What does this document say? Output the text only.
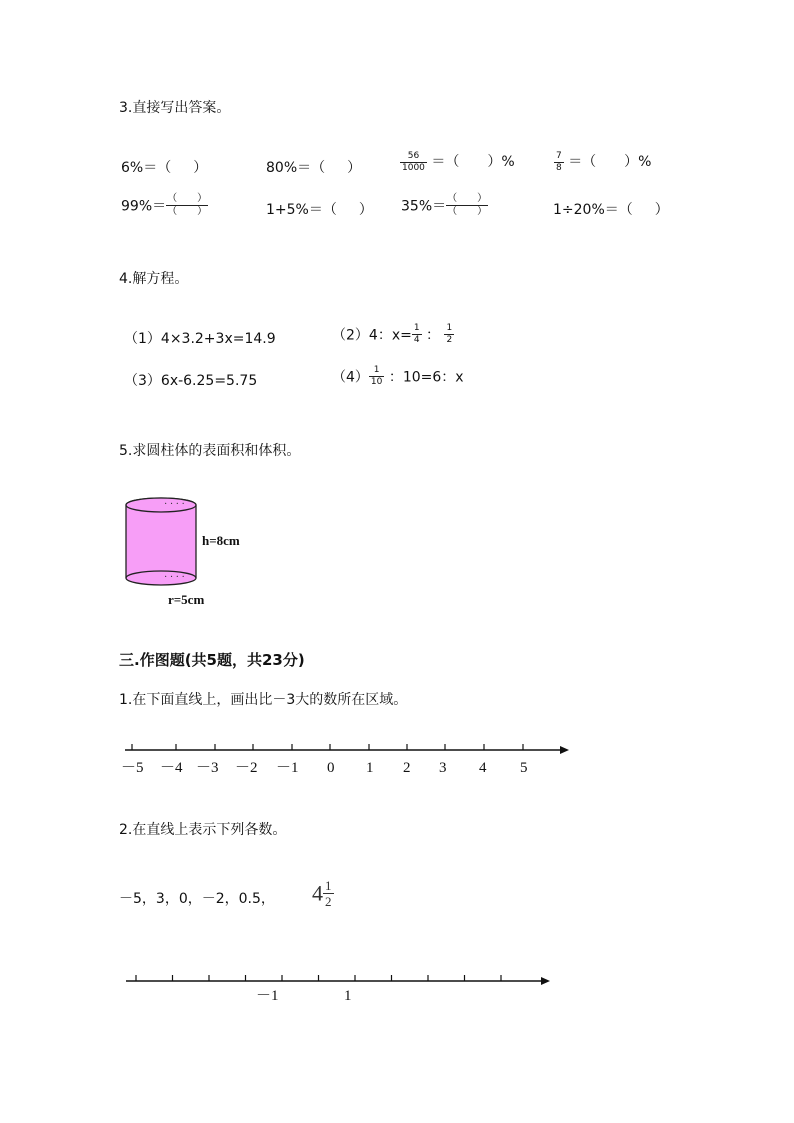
3.直接写出答案。
6%＝（ ）	80%＝（ ）	$\frac{56}{1000}$ ＝（　　）%	$\frac{7}{8}$ ＝（　　）%
$99\%= \frac{( )}{( )}$	1+5%＝（ ） $35\%= \frac{( )}{( )}$	1÷20%＝（ ）
4.解方程。
（1）4×3.2+3x=14.9	（2）4：$x= \frac{1}{4}$ ： $\frac{1}{2}$
（3）6x-6.25=5.75	$(4) \frac{1}{10}$ ：10=6：x
5.求圆柱体的表面积和体积。
· · · ·
· · · ·
h=8cm
r=5cm
三.作图题(共5题，共23分)
1.在下面直线上，画出比－3大的数所在区域。
－5 －4 －3 －2 －1 0 1 2 3 4 5
2.在直线上表示下列各数。
－5，3，0，－2，0.5， $4 \frac{1}{2}$
－1	1
